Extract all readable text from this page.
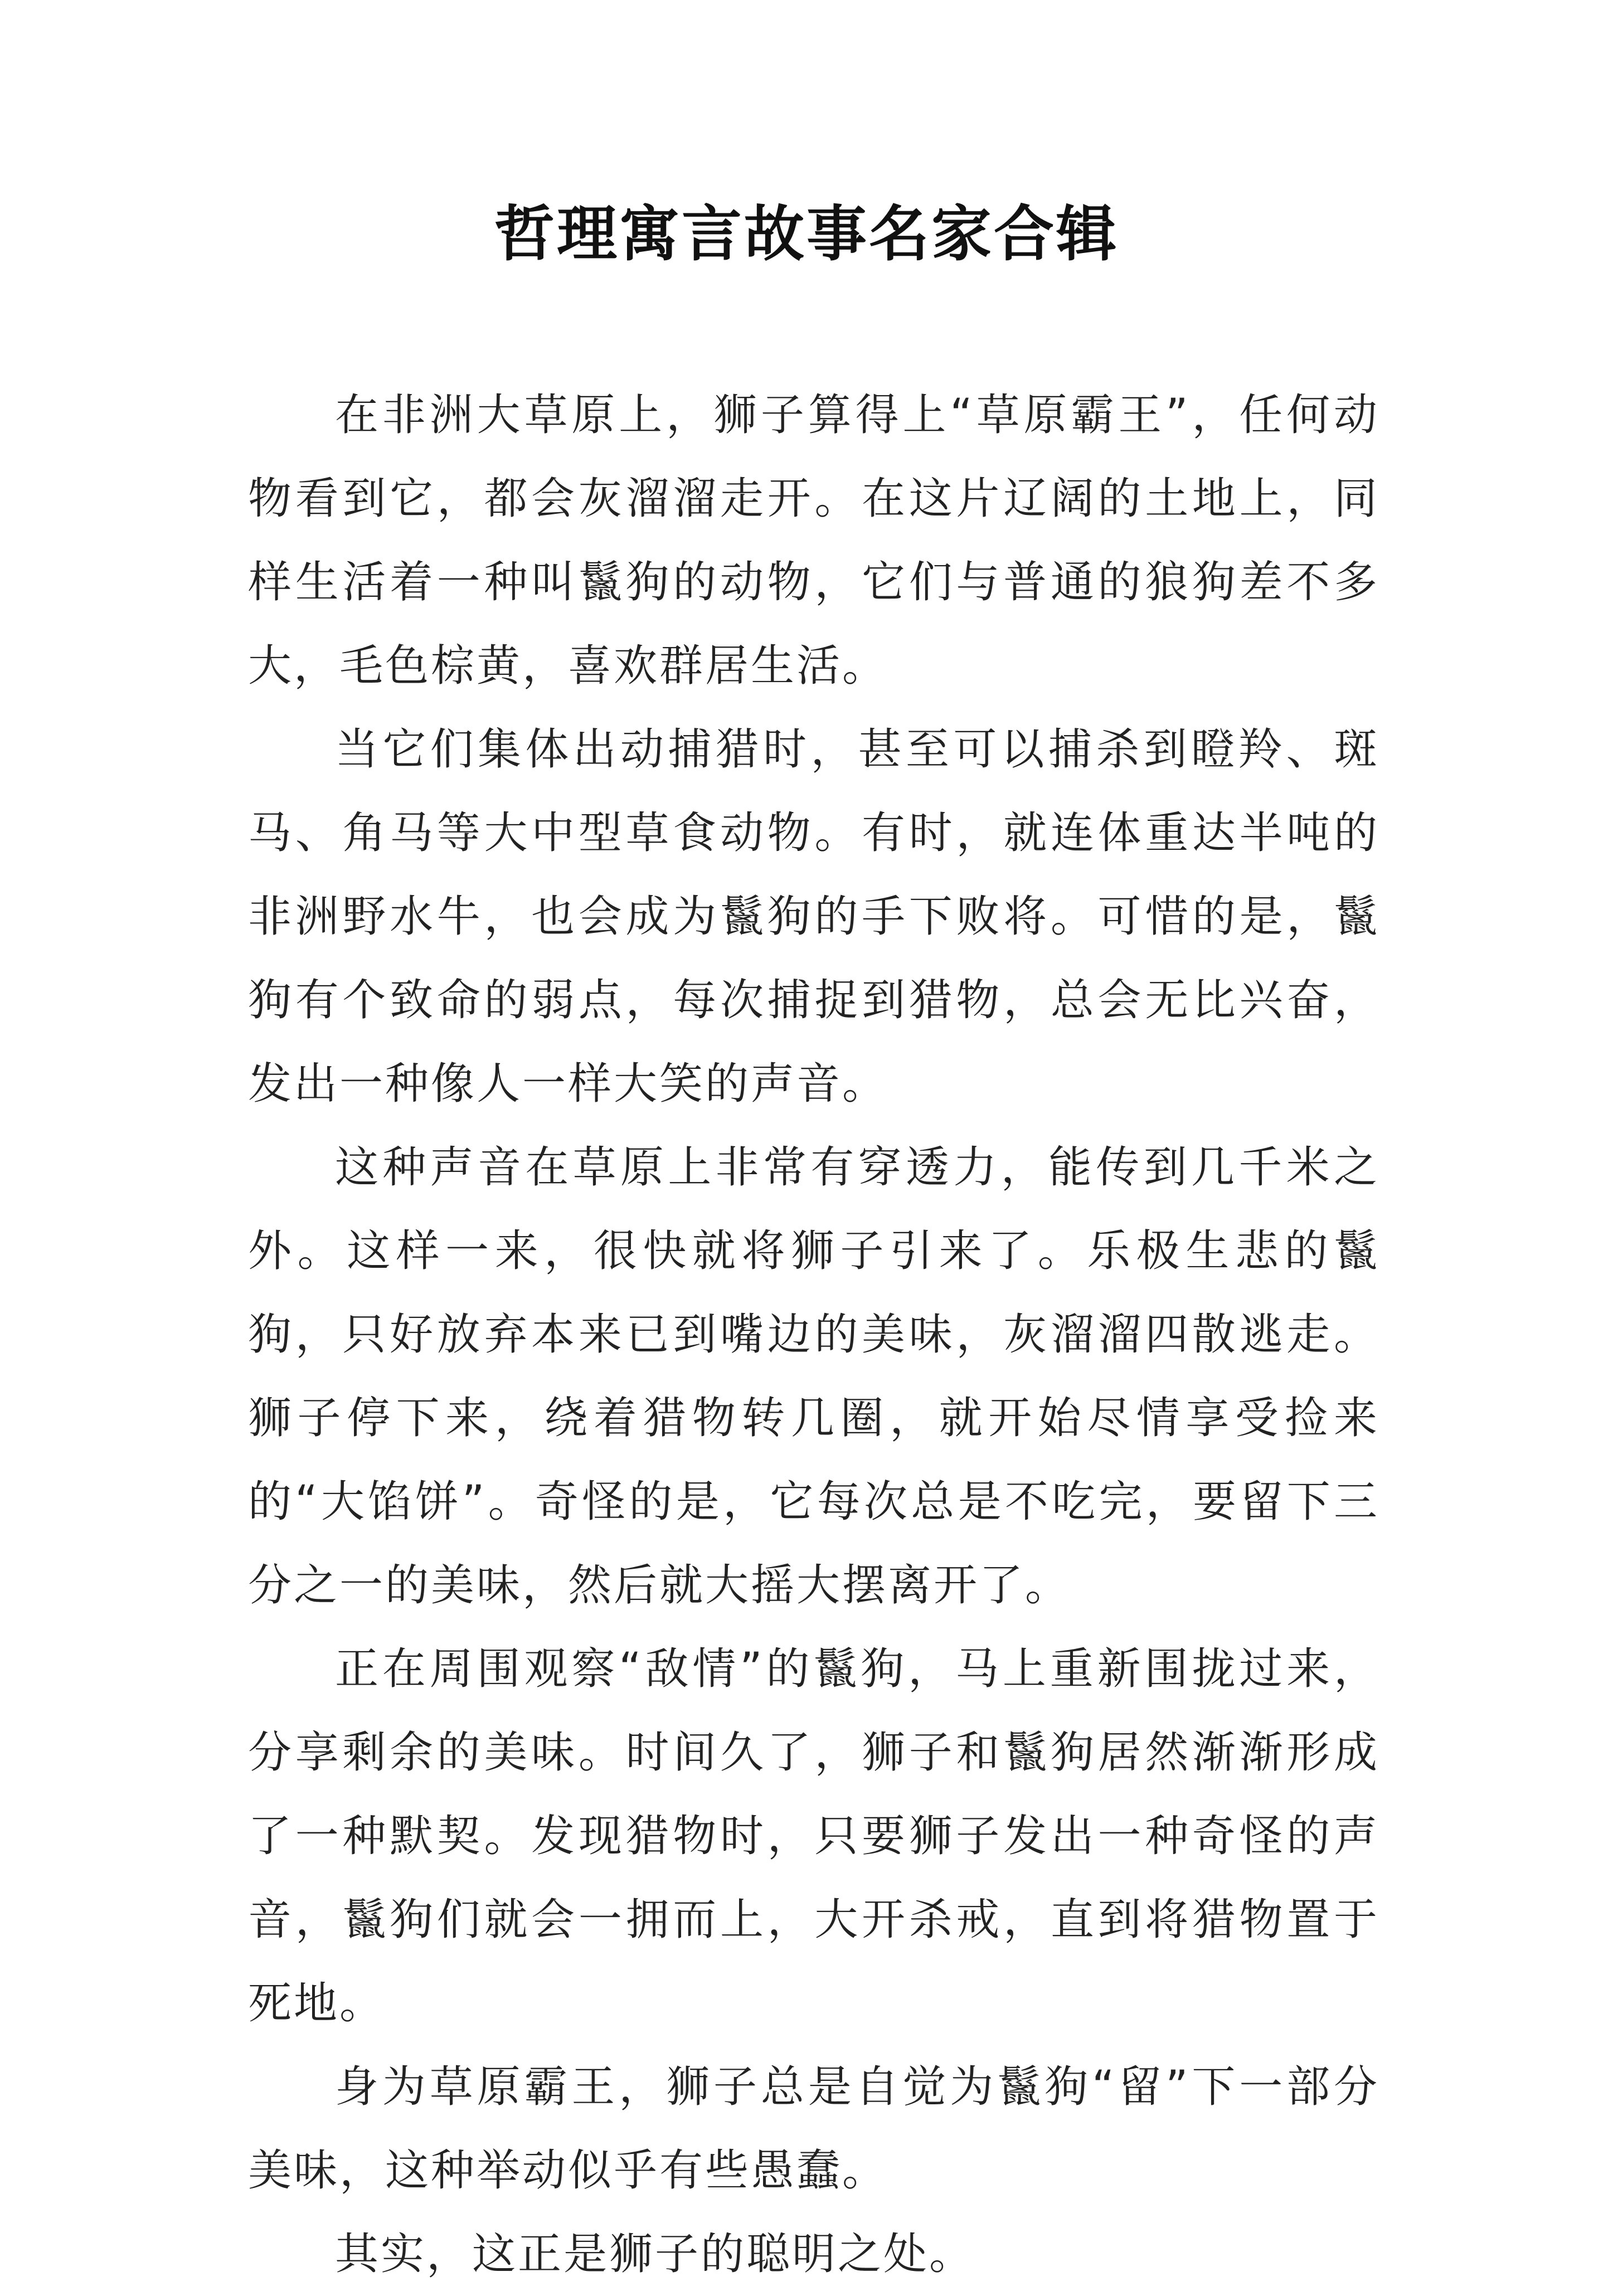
哲理寓言故事名家合辑

在非洲大草原上，狮子算得上“草原霸王”，任何动物看到它，都会灰溜溜走开。在这片辽阔的土地上，同样生活着一种叫鬣狗的动物，它们与普通的狼狗差不多大，毛色棕黄，喜欢群居生活。

当它们集体出动捕猎时，甚至可以捕杀到瞪羚、斑马、角马等大中型草食动物。有时，就连体重达半吨的非洲野水牛，也会成为鬣狗的手下败将。可惜的是，鬣狗有个致命的弱点，每次捕捉到猎物，总会无比兴奋，发出一种像人一样大笑的声音。

这种声音在草原上非常有穿透力，能传到几千米之外。这样一来，很快就将狮子引来了。乐极生悲的鬣狗，只好放弃本来已到嘴边的美味，灰溜溜四散逃走。狮子停下来，绕着猎物转几圈，就开始尽情享受捡来的“大馅饼”。奇怪的是，它每次总是不吃完，要留下三分之一的美味，然后就大摇大摆离开了。

正在周围观察“敌情”的鬣狗，马上重新围拢过来，分享剩余的美味。时间久了，狮子和鬣狗居然渐渐形成了一种默契。发现猎物时，只要狮子发出一种奇怪的声音，鬣狗们就会一拥而上，大开杀戒，直到将猎物置于死地。

身为草原霸王，狮子总是自觉为鬣狗“留”下一部分美味，这种举动似乎有些愚蠢。

其实，这正是狮子的聪明之处。
